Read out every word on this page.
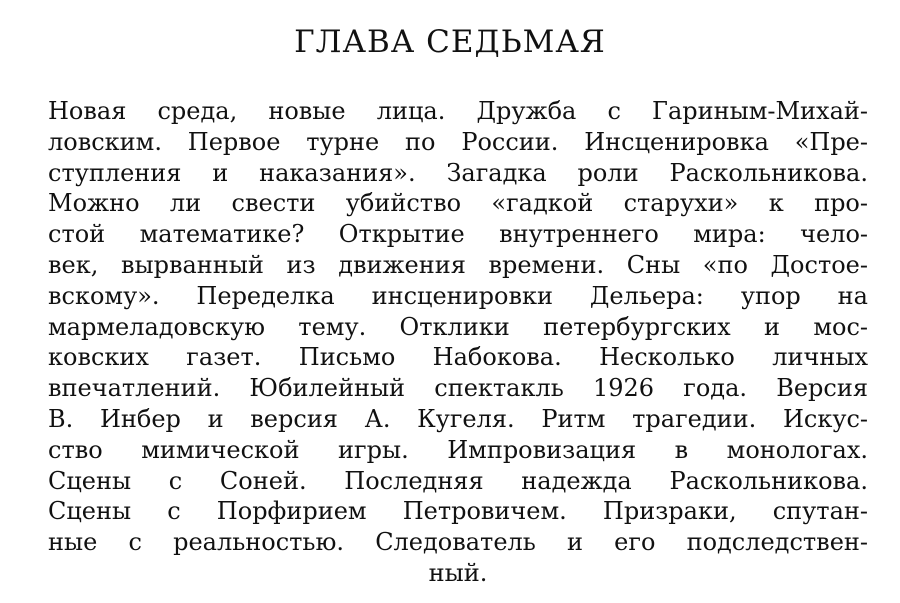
ГЛАВА СЕДЬМАЯ
Новая среда, новые лица. Дружба с Гариным-Михай-
ловским. Первое турне по России. Инсценировка «Пре-
ступления и наказания». Загадка роли Раскольникова.
Можно ли свести убийство «гадкой старухи» к про-
стой математике? Открытие внутреннего мира: чело-
век, вырванный из движения времени. Сны «по Достоe-
вскому». Переделка инсценировки Дельера: упор на
мармеладовскую тему. Отклики петербургских и мос-
ковских газет. Письмо Набокова. Несколько личных
впечатлений. Юбилейный спектакль 1926 года. Версия
В. Инбер и версия А. Кугеля. Ритм трагедии. Искус-
ство мимической игры. Импровизация в монологах.
Сцены с Соней. Последняя надежда Раскольникова.
Сцены с Порфирием Петровичем. Призраки, спутан-
ные с реальностью. Следователь и его подследствен-
ный.
